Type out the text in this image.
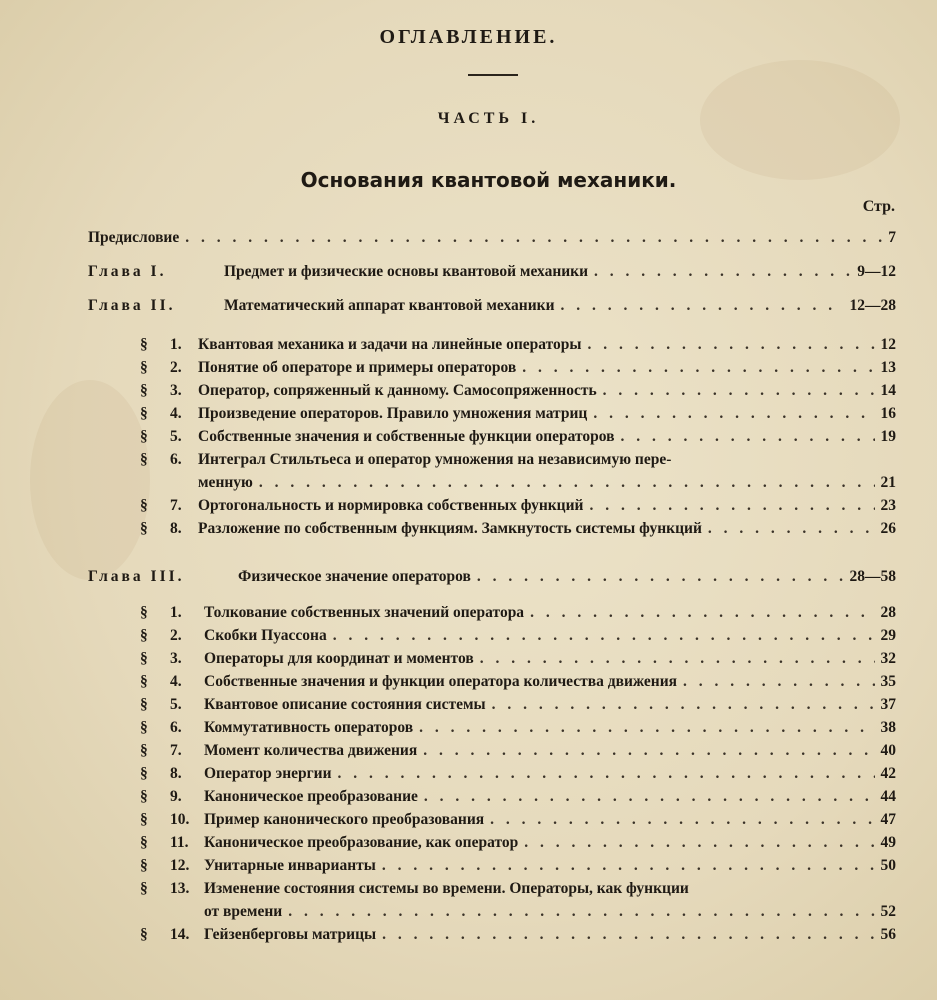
ОГЛАВЛЕНИЕ.
ЧАСТЬ I.
Основания квантовой механики.
Стр.
Предисловие . . .	7
Глава I.	Предмет и физические основы квантовой механики . . .	9—12
Глава II.	Математический аппарат квантовой механики . . .	12—28
§ 1. Квантовая механика и задачи на линейные операторы . . .	12
§ 2. Понятие об операторе и примеры операторов . . .	13
§ 3. Оператор, сопряженный к данному. Самосопряженность . . .	14
§ 4. Произведение операторов. Правило умножения матриц . . .	16
§ 5. Собственные значения и собственные функции операторов . . .	19
§ 6. Интеграл Стильтьеса и оператор умножения на независимую пере-
менную . . .	21
§ 7. Ортогональность и нормировка собственных функций . . .	23
§ 8. Разложение по собственным функциям. Замкнутость системы функций . . .	26
Глава III.	Физическое значение операторов . . .	28—58
§ 1. Толкование собственных значений оператора . . .	28
§ 2. Скобки Пуассона . . .	29
§ 3. Операторы для координат и моментов . . .	32
§ 4. Собственные значения и функции оператора количества движения . . .	35
§ 5. Квантовое описание состояния системы . . .	37
§ 6. Коммутативность операторов . . .	38
§ 7. Момент количества движения . . .	40
§ 8. Оператор энергии . . .	42
§ 9. Каноническое преобразование . . .	44
§ 10. Пример канонического преобразования . . .	47
§ 11. Каноническое преобразование, как оператор . . .	49
§ 12. Унитарные инварианты . . .	50
§ 13. Изменение состояния системы во времени. Операторы, как функции
от времени . . .	52
§ 14. Гейзенберговы матрицы . . .	56
